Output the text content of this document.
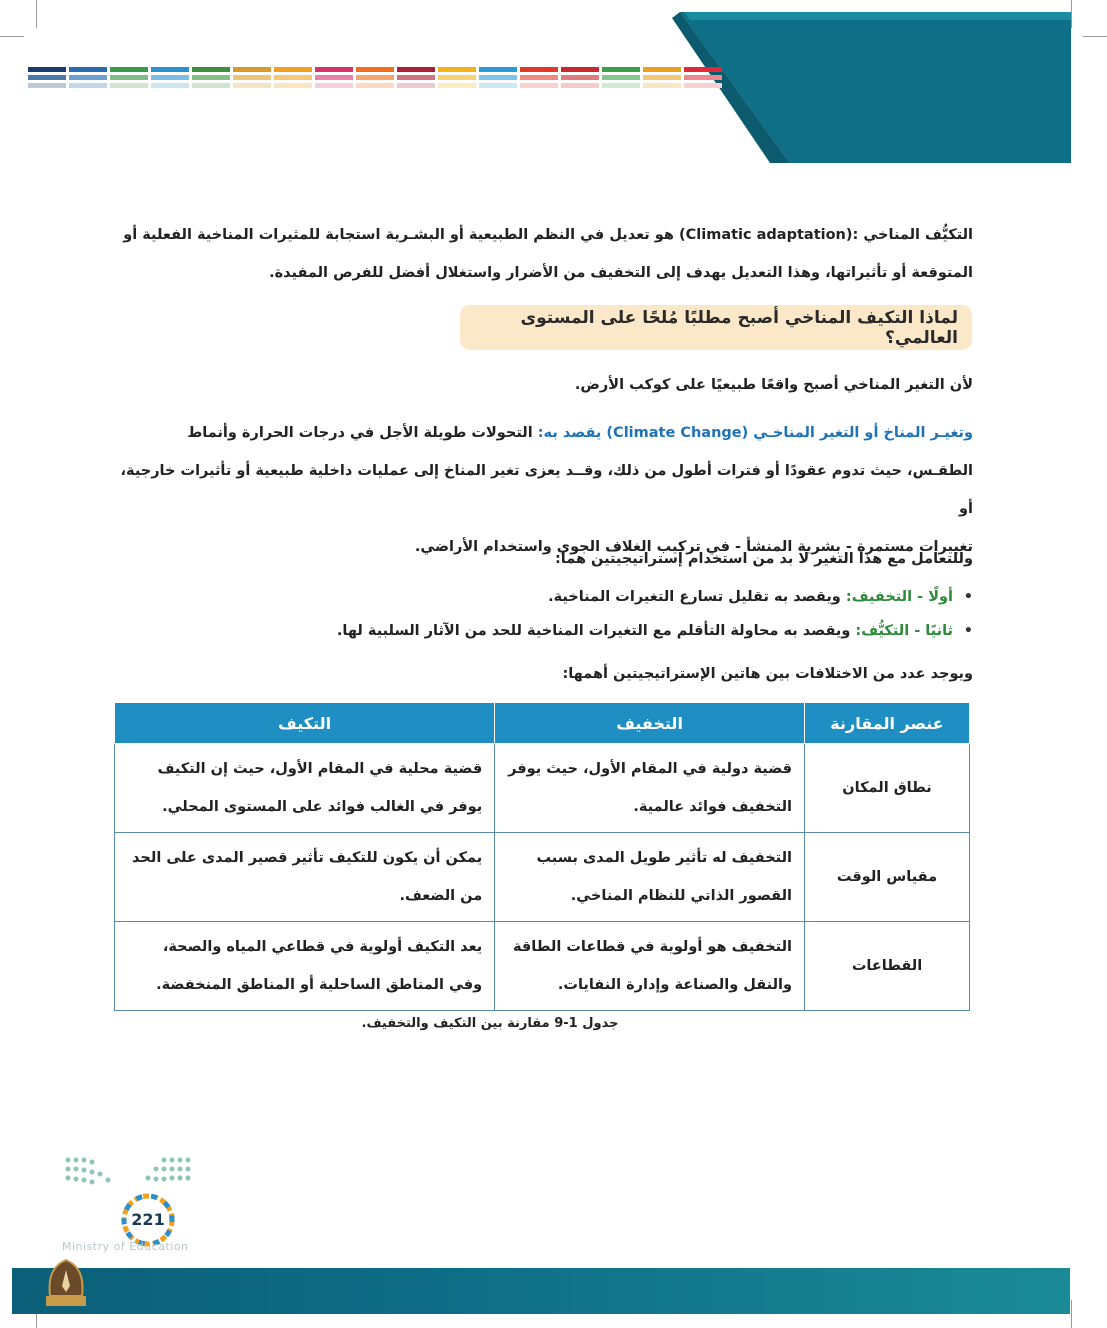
التكيُّف المناخي (Climatic adaptation): هو تعديل في النظم الطبيعية أو البشـرية استجابة للمثيرات المناخية الفعلية أو

المتوقعة أو تأثيراتها، وهذا التعديل يهدف إلى التخفيف من الأضرار واستغلال أفضل للفرص المفيدة.

لماذا التكيف المناخي أصبح مطلبًا مُلحًا على المستوى العالمي؟

لأن التغير المناخي أصبح واقعًا طبيعيًا على كوكب الأرض.

وتغيـر المناخ أو التغير المناخـي (Climate Change) يقصد به: التحولات طويلة الأجل في درجات الحرارة وأنماط

الطقـس، حيث تدوم عقودًا أو فترات أطول من ذلك، وقــد يعزى تغير المناخ إلى عمليات داخلية طبيعية أو تأثيرات خارجية، أو

تغييرات مستمرة - بشرية المنشأ - في تركيب الغلاف الجوي واستخدام الأراضي.

وللتعامل مع هذا التغير لا بد من استخدام إستراتيجيتين هما:

• أولًا - التخفيف: ويقصد به تقليل تسارع التغيرات المناخية.
• ثانيًا - التكيُّف: ويقصد به محاولة التأقلم مع التغيرات المناخية للحد من الآثار السلبية لها.

ويوجد عدد من الاختلافات بين هاتين الإستراتيجيتين أهمها:

عنصر المقارنة	التخفيف	التكيف
نطاق المكان	قضية دولية في المقام الأول، حيث يوفر التخفيف فوائد عالمية.	قضية محلية في المقام الأول، حيث إن التكيف يوفر في الغالب فوائد على المستوى المحلي.
مقياس الوقت	التخفيف له تأثير طويل المدى بسبب القصور الذاتي للنظام المناخي.	يمكن أن يكون للتكيف تأثير قصير المدى على الحد من الضعف.
القطاعات	التخفيف هو أولوية في قطاعات الطاقة والنقل والصناعة وإدارة النفايات.	يعد التكيف أولوية في قطاعي المياه والصحة، وفي المناطق الساحلية أو المناطق المنخفضة.
جدول 1-9 مقارنة بين التكيف والتخفيف.
221
Ministry of Education
